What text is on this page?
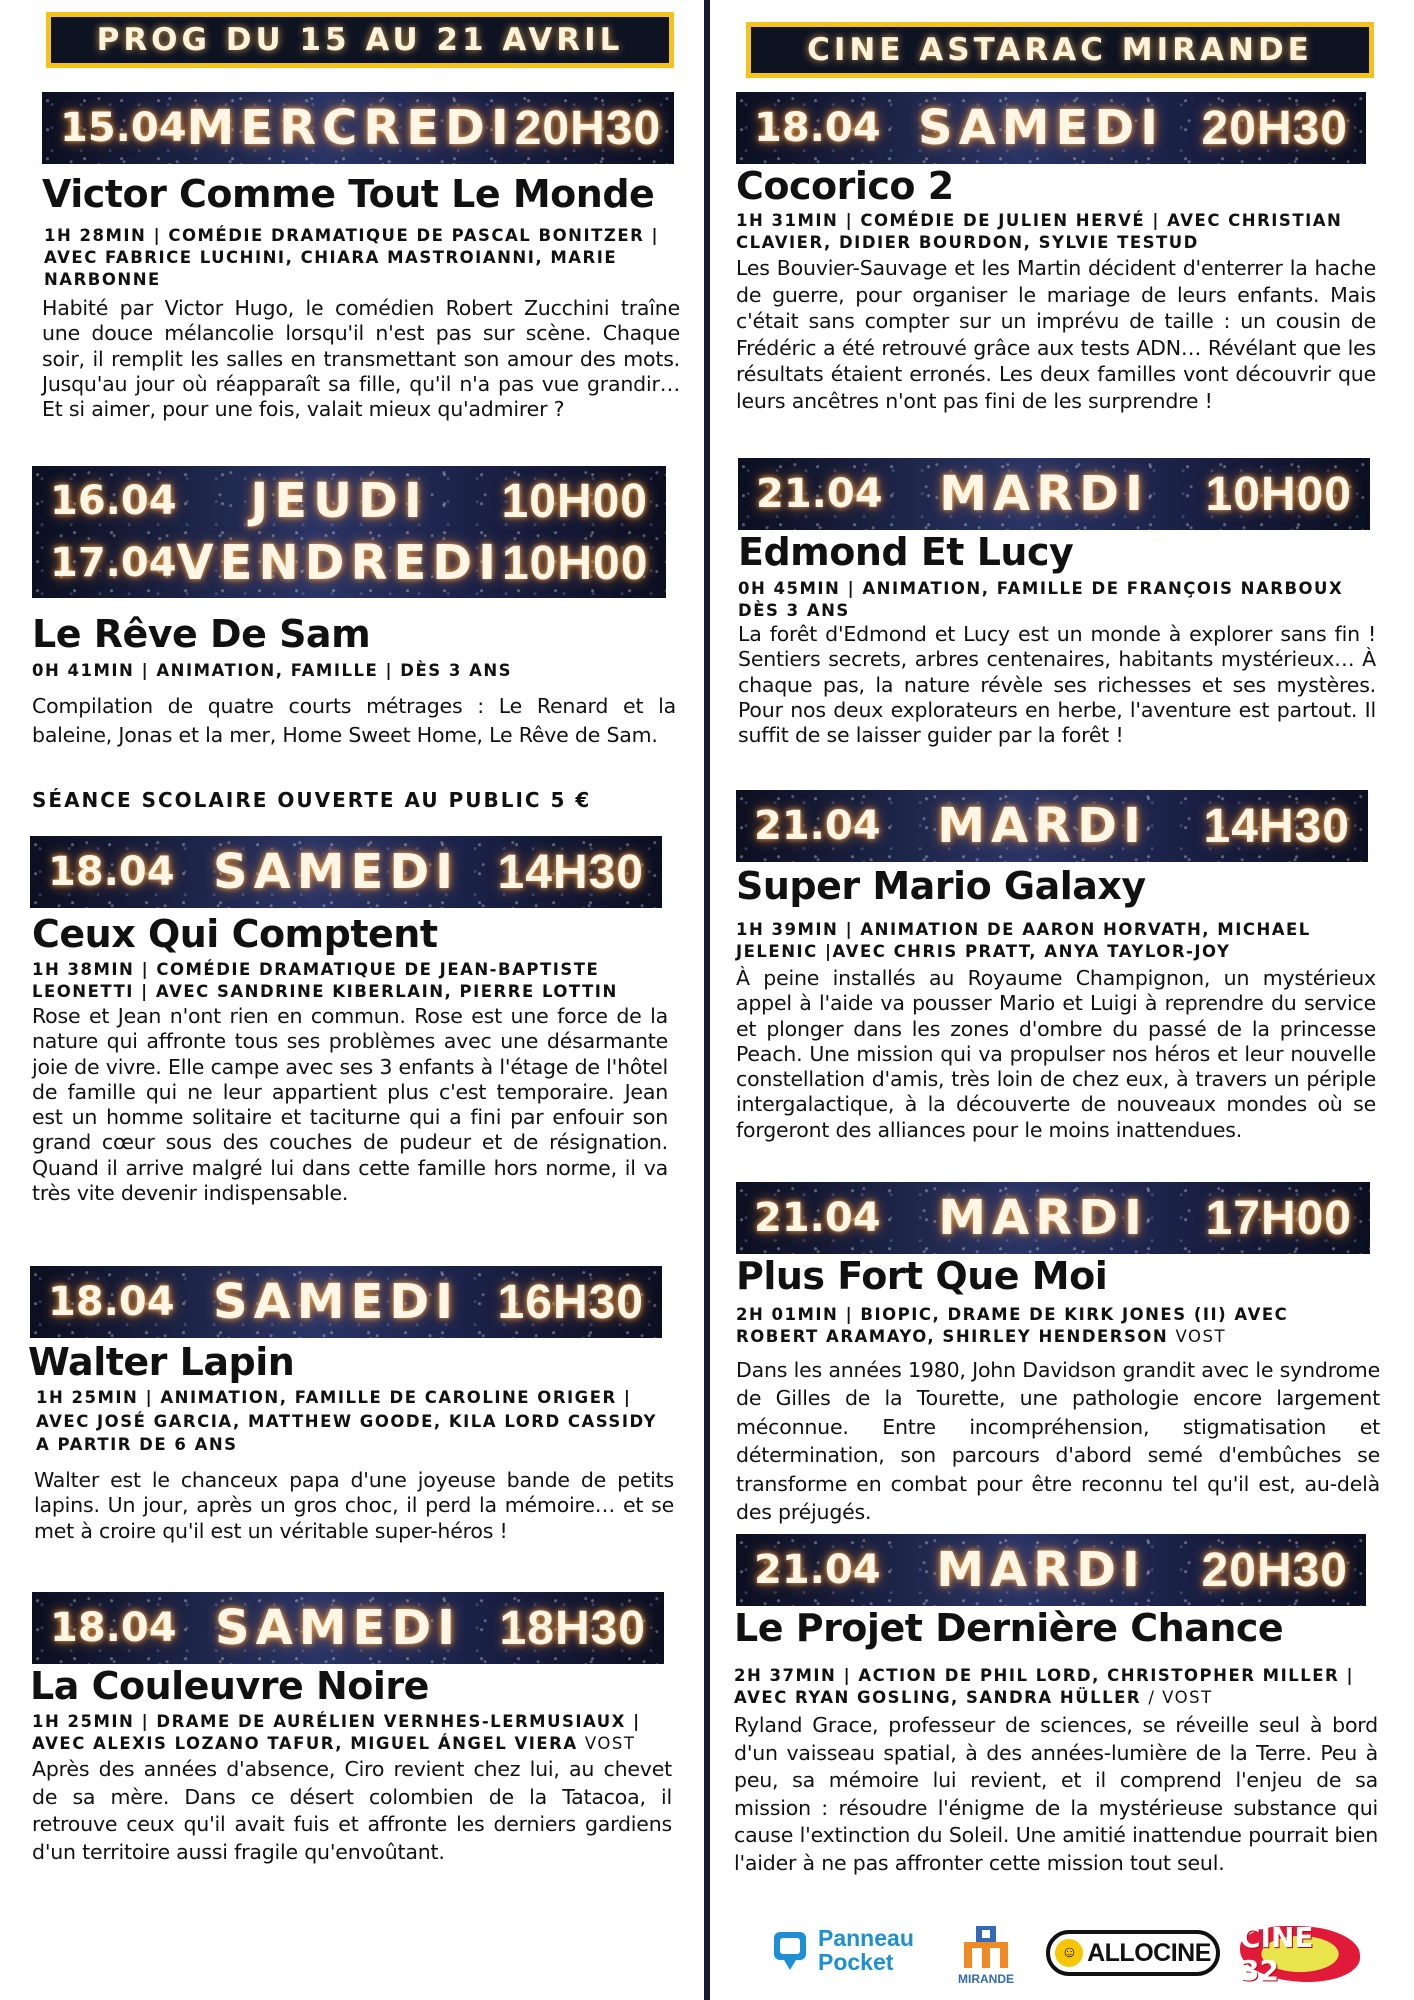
PROG DU 15 AU 21 AVRIL	CINE ASTARAC MIRANDE
15.04 MERCREDI 20H30
Victor Comme Tout Le Monde
1H 28MIN | COMÉDIE DRAMATIQUE DE PASCAL BONITZER | AVEC FABRICE LUCHINI, CHIARA MASTROIANNI, MARIE NARBONNE
Habité par Victor Hugo, le comédien Robert Zucchini traîne une douce mélancolie lorsqu'il n'est pas sur scène. Chaque soir, il remplit les salles en transmettant son amour des mots. Jusqu'au jour où réapparaît sa fille, qu'il n'a pas vue grandir… Et si aimer, pour une fois, valait mieux qu'admirer ?
16.04 JEUDI 10H00
17.04 VENDREDI 10H00
Le Rêve De Sam
0H 41MIN | ANIMATION, FAMILLE | DÈS 3 ANS
Compilation de quatre courts métrages : Le Renard et la baleine, Jonas et la mer, Home Sweet Home, Le Rêve de Sam.
SÉANCE SCOLAIRE OUVERTE AU PUBLIC 5 €
18.04 SAMEDI 14H30
Ceux Qui Comptent
1H 38MIN | COMÉDIE DRAMATIQUE DE JEAN-BAPTISTE LEONETTI | AVEC SANDRINE KIBERLAIN, PIERRE LOTTIN
Rose et Jean n'ont rien en commun. Rose est une force de la nature qui affronte tous ses problèmes avec une désarmante joie de vivre. Elle campe avec ses 3 enfants à l'étage de l'hôtel de famille qui ne leur appartient plus c'est temporaire. Jean est un homme solitaire et taciturne qui a fini par enfouir son grand cœur sous des couches de pudeur et de résignation. Quand il arrive malgré lui dans cette famille hors norme, il va très vite devenir indispensable.
18.04 SAMEDI 16H30
Walter Lapin
1H 25MIN | ANIMATION, FAMILLE DE CAROLINE ORIGER | AVEC JOSÉ GARCIA, MATTHEW GOODE, KILA LORD CASSIDY A PARTIR DE 6 ANS
Walter est le chanceux papa d'une joyeuse bande de petits lapins. Un jour, après un gros choc, il perd la mémoire… et se met à croire qu'il est un véritable super-héros !
18.04 SAMEDI 18H30
La Couleuvre Noire
1H 25MIN | DRAME DE AURÉLIEN VERNHES-LERMUSIAUX | AVEC ALEXIS LOZANO TAFUR, MIGUEL ÁNGEL VIERA VOST
Après des années d'absence, Ciro revient chez lui, au chevet de sa mère. Dans ce désert colombien de la Tatacoa, il retrouve ceux qu'il avait fuis et affronte les derniers gardiens d'un territoire aussi fragile qu'envoûtant.
18.04 SAMEDI 20H30
Cocorico 2
1H 31MIN | COMÉDIE DE JULIEN HERVÉ | AVEC CHRISTIAN CLAVIER, DIDIER BOURDON, SYLVIE TESTUD
Les Bouvier-Sauvage et les Martin décident d'enterrer la hache de guerre, pour organiser le mariage de leurs enfants. Mais c'était sans compter sur un imprévu de taille : un cousin de Frédéric a été retrouvé grâce aux tests ADN… Révélant que les résultats étaient erronés. Les deux familles vont découvrir que leurs ancêtres n'ont pas fini de les surprendre !
21.04 MARDI 10H00
Edmond Et Lucy
0H 45MIN | ANIMATION, FAMILLE DE FRANÇOIS NARBOUX DÈS 3 ANS
La forêt d'Edmond et Lucy est un monde à explorer sans fin ! Sentiers secrets, arbres centenaires, habitants mystérieux… À chaque pas, la nature révèle ses richesses et ses mystères. Pour nos deux explorateurs en herbe, l'aventure est partout. Il suffit de se laisser guider par la forêt !
21.04 MARDI 14H30
Super Mario Galaxy
1H 39MIN | ANIMATION DE AARON HORVATH, MICHAEL JELENIC |AVEC CHRIS PRATT, ANYA TAYLOR-JOY
À peine installés au Royaume Champignon, un mystérieux appel à l'aide va pousser Mario et Luigi à reprendre du service et plonger dans les zones d'ombre du passé de la princesse Peach. Une mission qui va propulser nos héros et leur nouvelle constellation d'amis, très loin de chez eux, à travers un périple intergalactique, à la découverte de nouveaux mondes où se forgeront des alliances pour le moins inattendues.
21.04 MARDI 17H00
Plus Fort Que Moi
2H 01MIN | BIOPIC, DRAME DE KIRK JONES (II) AVEC ROBERT ARAMAYO, SHIRLEY HENDERSON VOST
Dans les années 1980, John Davidson grandit avec le syndrome de Gilles de la Tourette, une pathologie encore largement méconnue. Entre incompréhension, stigmatisation et détermination, son parcours d'abord semé d'embûches se transforme en combat pour être reconnu tel qu'il est, au-delà des préjugés.
21.04 MARDI 20H30
Le Projet Dernière Chance
2H 37MIN | ACTION DE PHIL LORD, CHRISTOPHER MILLER | AVEC RYAN GOSLING, SANDRA HÜLLER / VOST
Ryland Grace, professeur de sciences, se réveille seul à bord d'un vaisseau spatial, à des années-lumière de la Terre. Peu à peu, sa mémoire lui revient, et il comprend l'enjeu de sa mission : résoudre l'énigme de la mystérieuse substance qui cause l'extinction du Soleil. Une amitié inattendue pourrait bien l'aider à ne pas affronter cette mission tout seul.
Panneau
Pocket
MIRANDE
☺ ALLOCINE CINE 32
